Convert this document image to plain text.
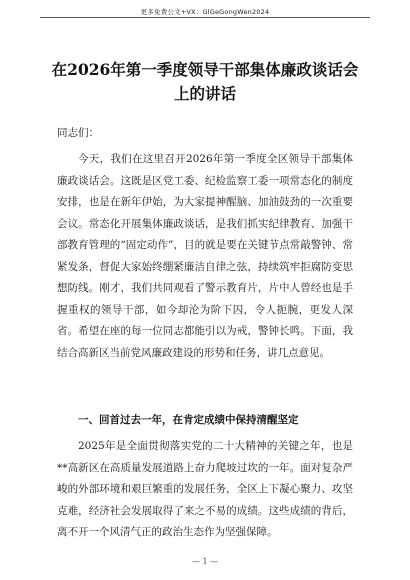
更多免费公文+VX：GlGeGongWen2024
在2026年第一季度领导干部集体廉政谈话会上的讲话
同志们：
今天，我们在这里召开2026年第一季度全区领导干部集体廉政谈话会。这既是区党工委、纪检监察工委一项常态化的制度安排，也是在新年伊始，为大家提神醒脑、加油鼓劲的一次重要会议。常态化开展集体廉政谈话，是我们抓实纪律教育、加强干部教育管理的“固定动作”，目的就是要在关键节点常敲警钟、常紧发条，督促大家始终绷紧廉洁自律之弦，持续筑牢拒腐防变思想防线。刚才，我们共同观看了警示教育片，片中人曾经也是手握重权的领导干部，如今却沦为阶下囚，令人扼腕，更发人深省。希望在座的每一位同志都能引以为戒，警钟长鸣。下面，我结合高新区当前党风廉政建设的形势和任务，讲几点意见。
一、回首过去一年，在肯定成绩中保持清醒坚定
2025年是全面贯彻落实党的二十大精神的关键之年，也是**高新区在高质量发展道路上奋力爬坡过坎的一年。面对复杂严峻的外部环境和艰巨繁重的发展任务，全区上下凝心聚力、攻坚克难，经济社会发展取得了来之不易的成绩。这些成绩的背后，离不开一个风清气正的政治生态作为坚强保障。
— 1 —
